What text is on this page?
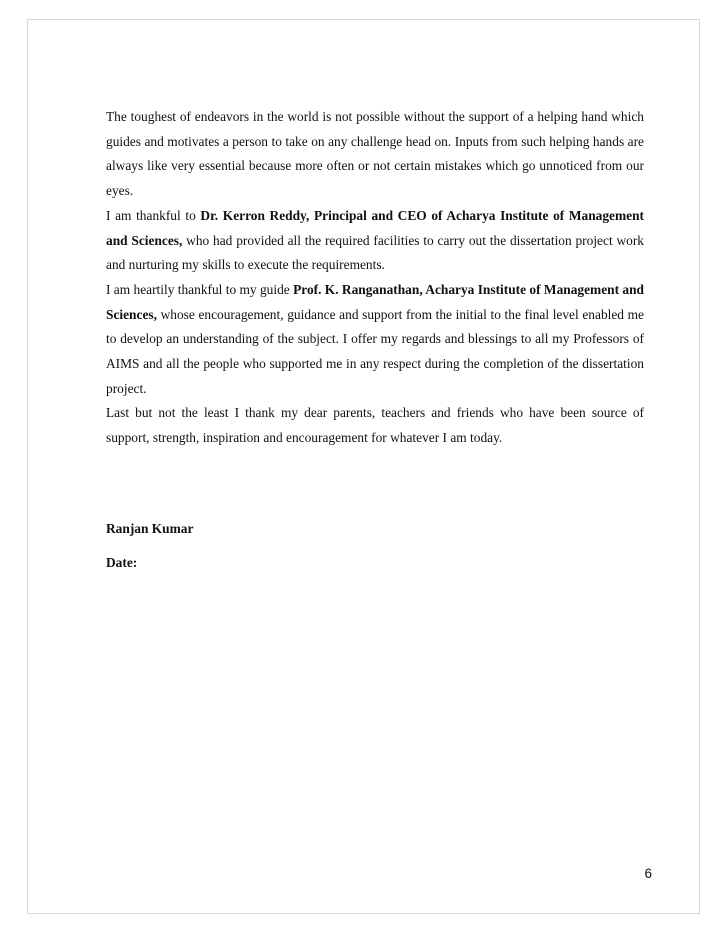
The toughest of endeavors in the world is not possible without the support of a helping hand which guides and motivates a person to take on any challenge head on. Inputs from such helping hands are always like very essential because more often or not certain mistakes which go unnoticed from our eyes.

I am thankful to Dr. Kerron Reddy, Principal and CEO of Acharya Institute of Management and Sciences, who had provided all the required facilities to carry out the dissertation project work and nurturing my skills to execute the requirements.

I am heartily thankful to my guide Prof. K. Ranganathan, Acharya Institute of Management and Sciences, whose encouragement, guidance and support from the initial to the final level enabled me to develop an understanding of the subject. I offer my regards and blessings to all my Professors of AIMS and all the people who supported me in any respect during the completion of the dissertation project.

Last but not the least I thank my dear parents, teachers and friends who have been source of support, strength, inspiration and encouragement for whatever I am today.

Ranjan Kumar

Date:

6
